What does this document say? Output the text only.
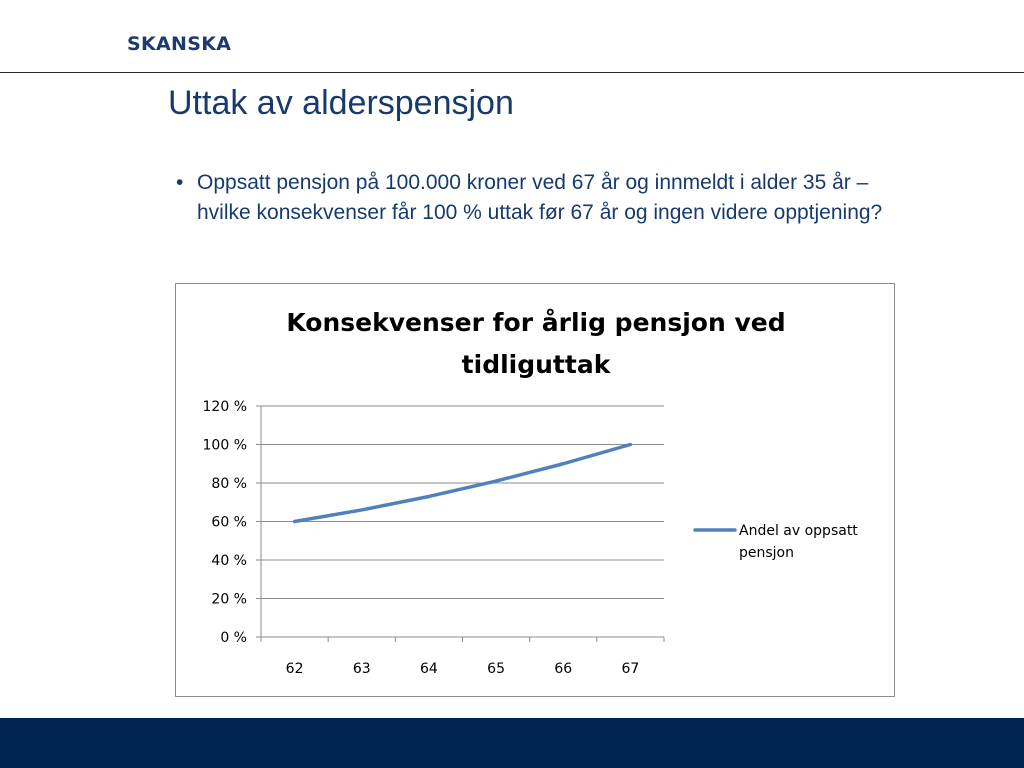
SKANSKA
Uttak av alderspensjon
• Oppsatt pensjon på 100.000 kroner ved 67 år og innmeldt i alder 35 år – hvilke konsekvenser får 100 % uttak før 67 år og ingen videre opptjening?
Konsekvenser for årlig pensjon ved
tidliguttak
0 %
20 %
40 %
60 %
80 %
100 %
120 %
62	63	64	65	66	67
Andel av oppsatt
pensjon
